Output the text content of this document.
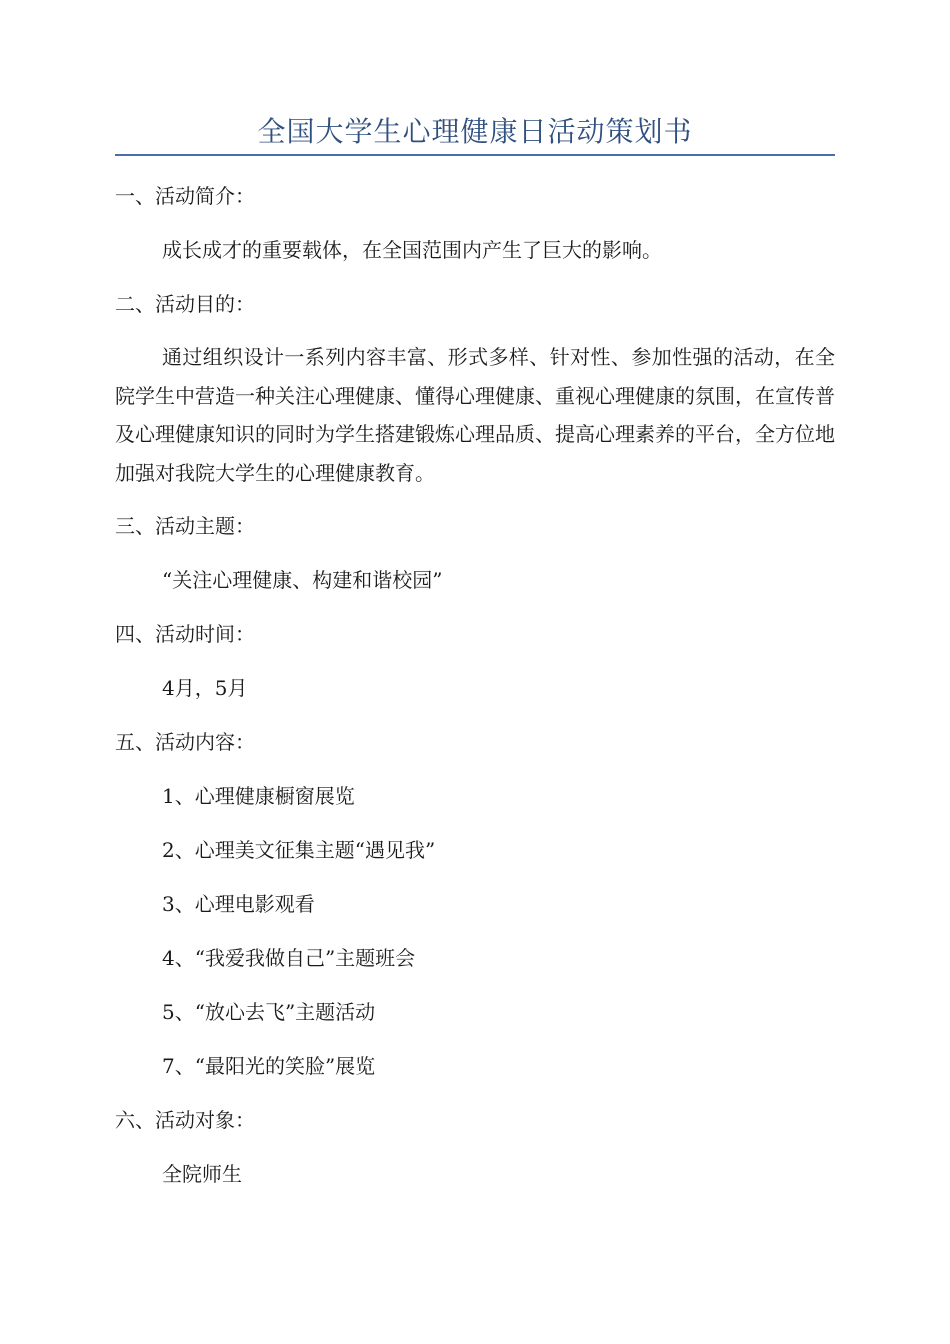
全国大学生心理健康日活动策划书
一、活动简介：
成长成才的重要载体，在全国范围内产生了巨大的影响。
二、活动目的：
通过组织设计一系列内容丰富、形式多样、针对性、参加性强的活动，在全院学生中营造一种关注心理健康、懂得心理健康、重视心理健康的氛围，在宣传普及心理健康知识的同时为学生搭建锻炼心理品质、提高心理素养的平台，全方位地加强对我院大学生的心理健康教育。
三、活动主题：
“关注心理健康、构建和谐校园”
四、活动时间：
4月，5月
五、活动内容：
1、心理健康橱窗展览
2、心理美文征集主题“遇见我”
3、心理电影观看
4、“我爱我做自己”主题班会
5、“放心去飞”主题活动
7、“最阳光的笑脸”展览
六、活动对象：
全院师生
